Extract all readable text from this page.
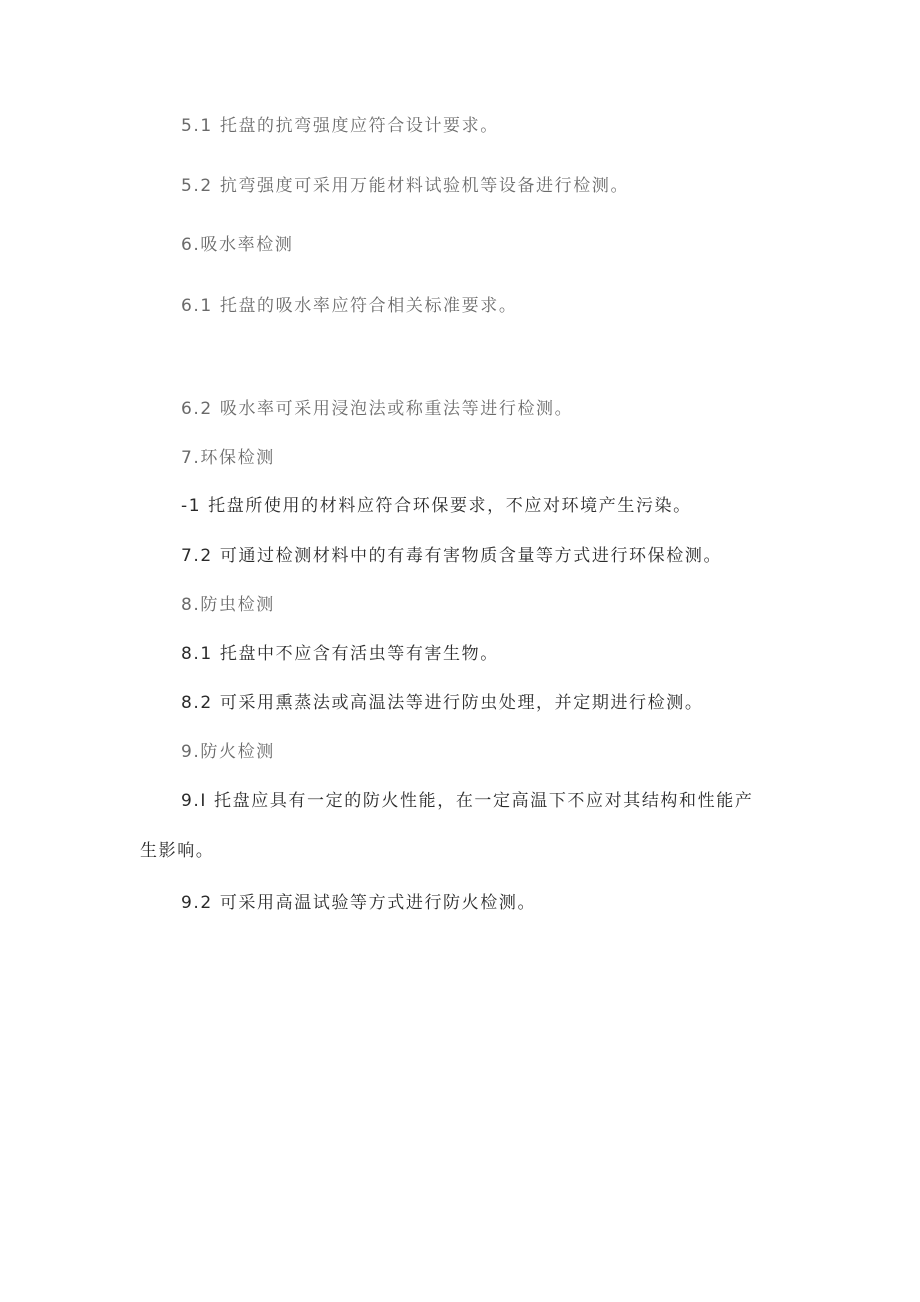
5.1 托盘的抗弯强度应符合设计要求。
5.2 抗弯强度可采用万能材料试验机等设备进行检测。
6.吸水率检测
6.1 托盘的吸水率应符合相关标准要求。
6.2 吸水率可采用浸泡法或称重法等进行检测。
7.环保检测
-1 托盘所使用的材料应符合环保要求，不应对环境产生污染。
7.2 可通过检测材料中的有毒有害物质含量等方式进行环保检测。
8.防虫检测
8.1 托盘中不应含有活虫等有害生物。
8.2 可采用熏蒸法或高温法等进行防虫处理，并定期进行检测。
9.防火检测
9.I 托盘应具有一定的防火性能，在一定高温下不应对其结构和性能产
生影响。
9.2 可采用高温试验等方式进行防火检测。
